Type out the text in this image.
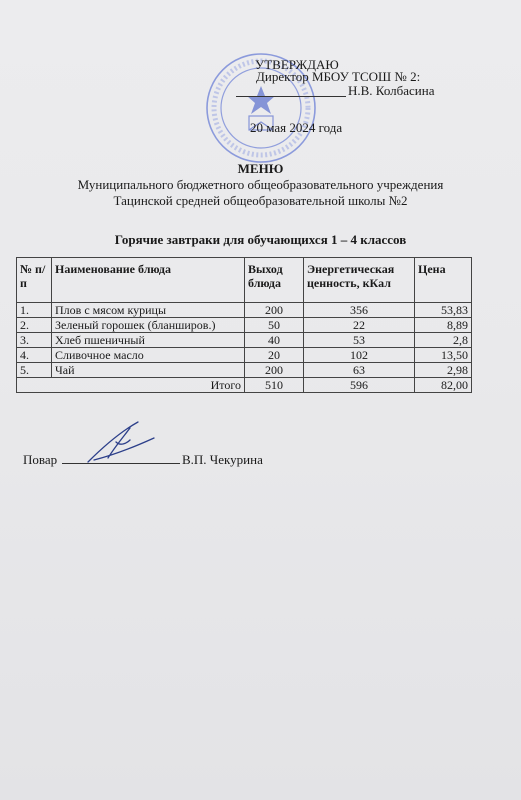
УТВЕРЖДАЮ
Директор МБОУ ТСОШ № 2:
Н.В. Колбасина
20 мая 2024 года
МЕНЮ
Муниципального бюджетного общеобразовательного учреждения
Тацинской средней общеобразовательной школы №2
Горячие завтраки для обучающихся 1 – 4 классов
№ п/п	Наименование блюда	Выход блюда	Энергетическая ценность, кКал	Цена
1.	Плов с мясом курицы	200	356	53,83
2.	Зеленый горошек (бланширов.)	50	22	8,89
3.	Хлеб пшеничный	40	53	2,8
4.	Сливочное масло	20	102	13,50
5.	Чай	200	63	2,98
Итого		510	596	82,00
Повар	В.П. Чекурина
